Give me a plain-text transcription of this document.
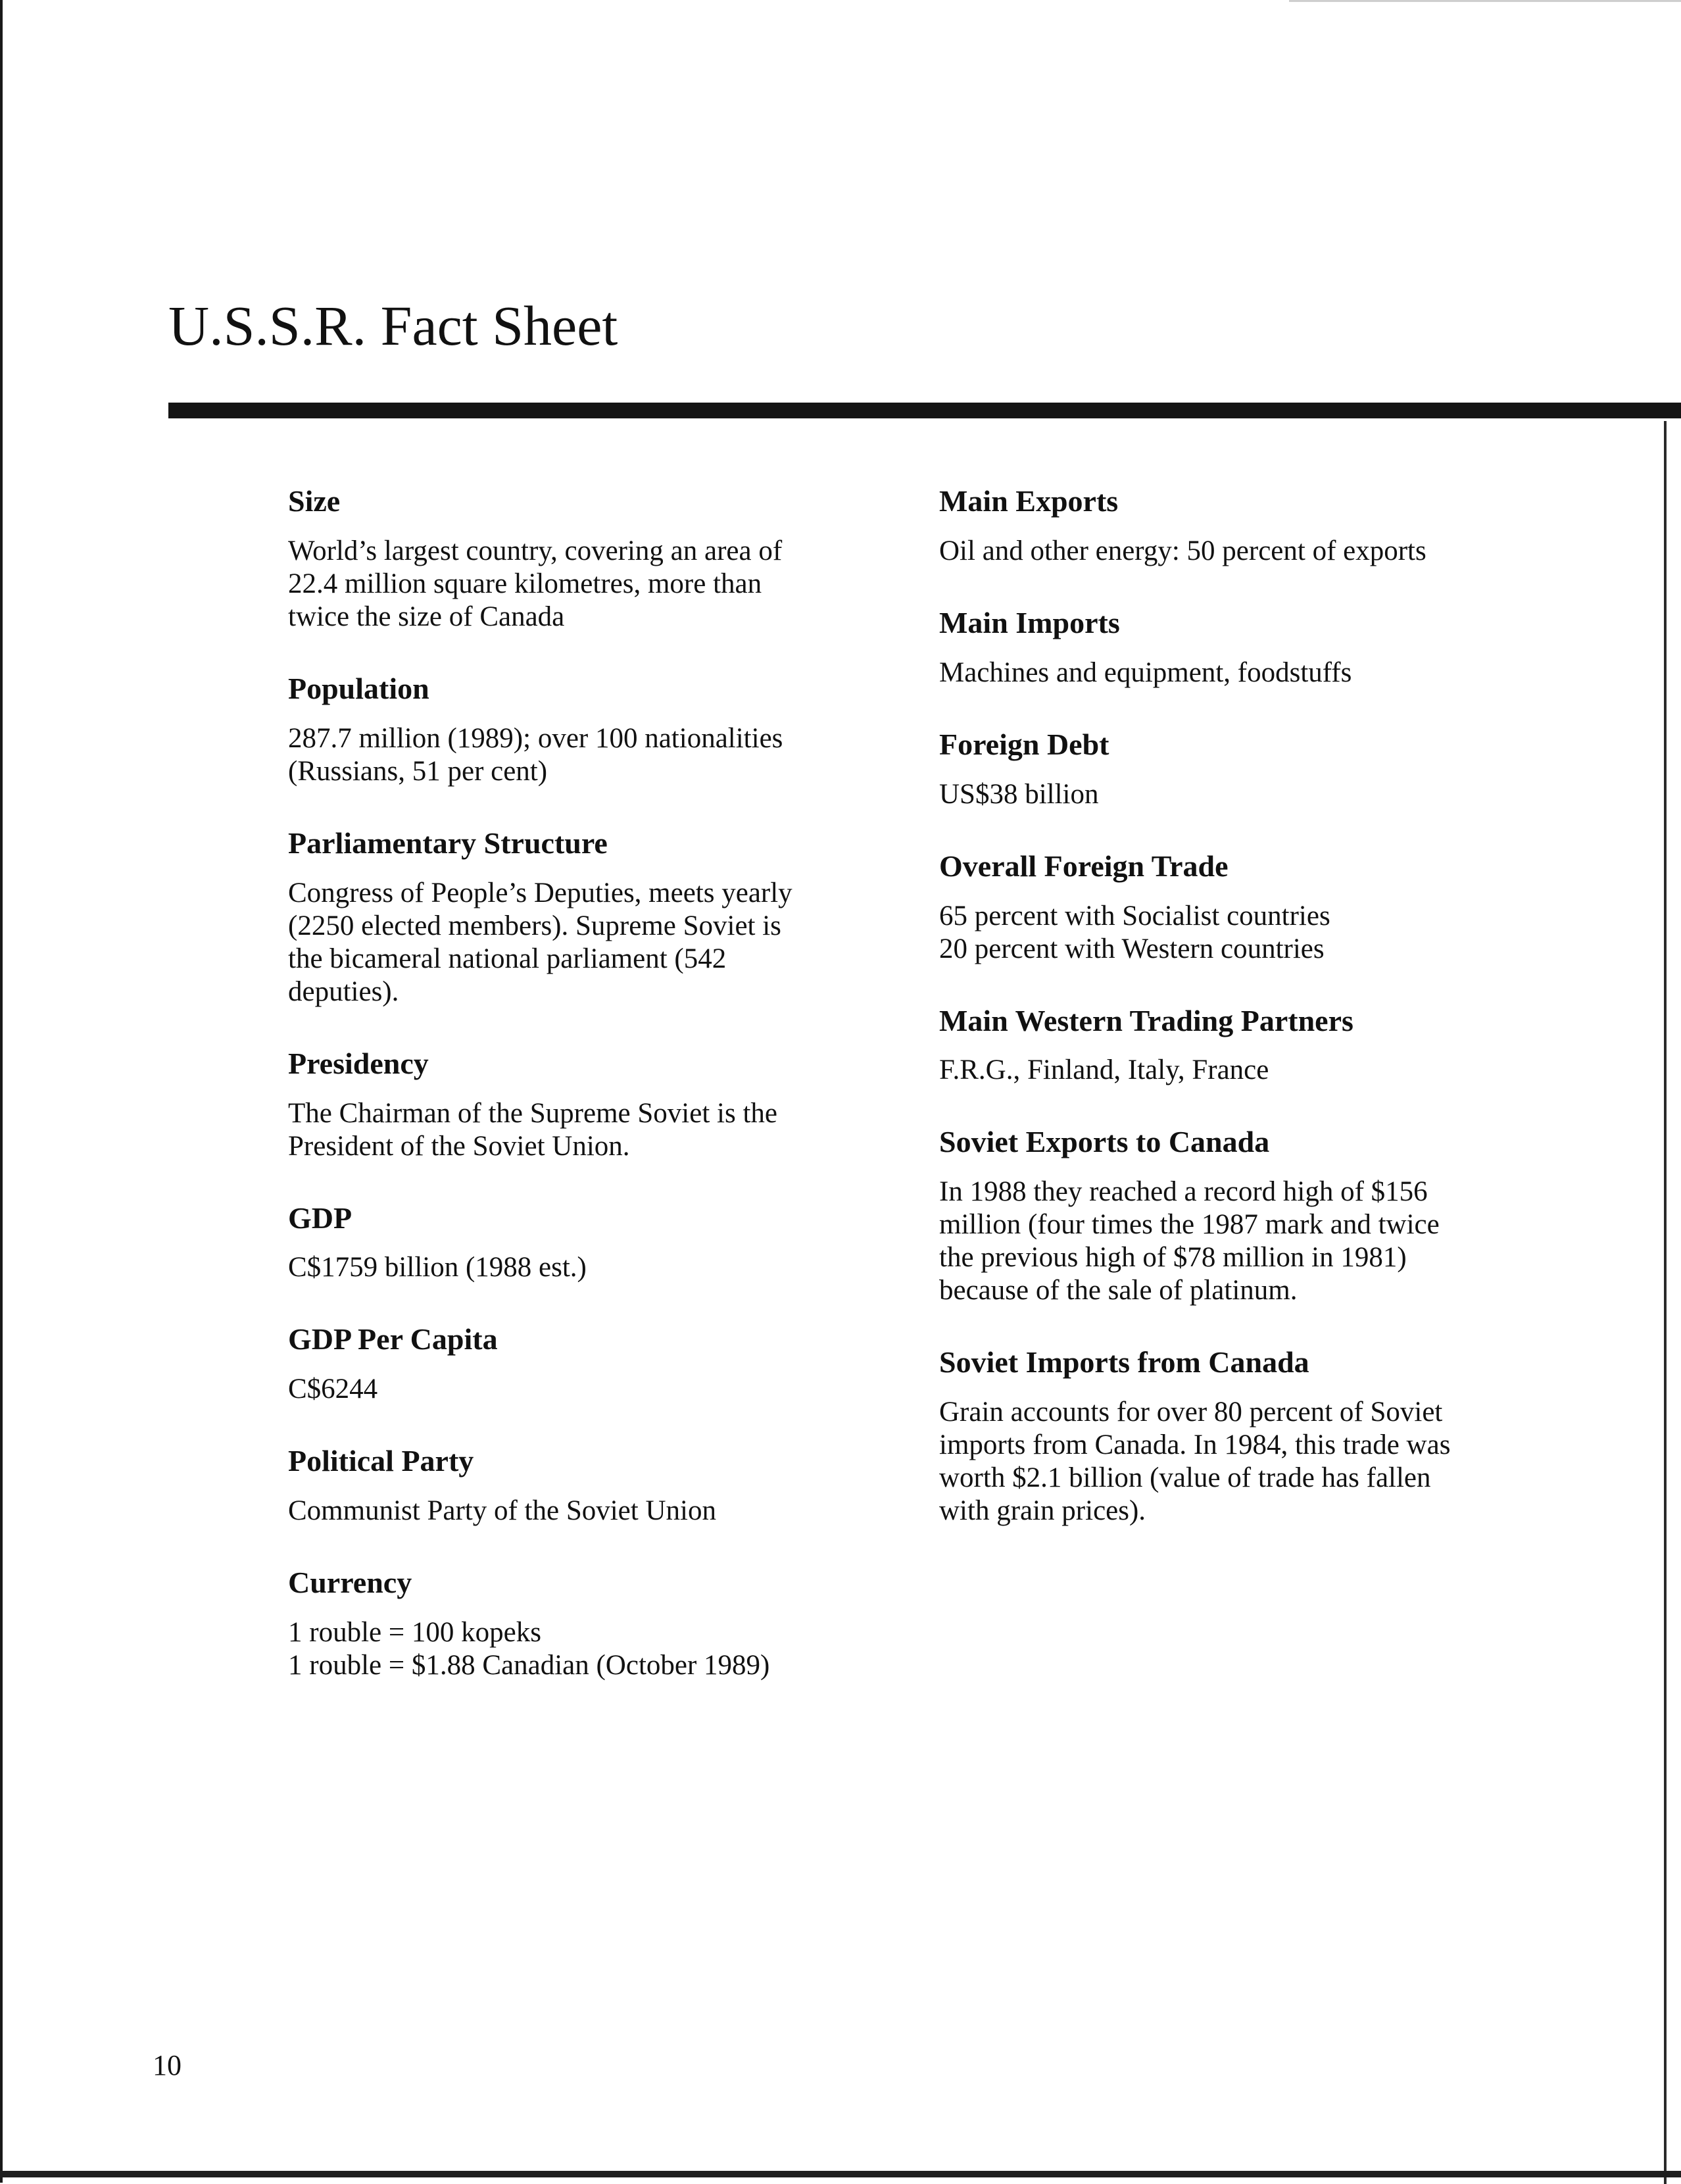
U.S.S.R. Fact Sheet
Size

World’s largest country, covering an area of

22.4 million square kilometres, more than

twice the size of Canada

Population

287.7 million (1989); over 100 nationalities

(Russians, 51 per cent)

Parliamentary Structure

Congress of People’s Deputies, meets yearly

(2250 elected members). Supreme Soviet is

the bicameral national parliament (542

deputies).

Presidency

The Chairman of the Supreme Soviet is the

President of the Soviet Union.

GDP

C$1759 billion (1988 est.)

GDP Per Capita

C$6244

Political Party

Communist Party of the Soviet Union

Currency

1 rouble = 100 kopeks

1 rouble = $1.88 Canadian (October 1989)

Main Exports

Oil and other energy: 50 percent of exports

Main Imports

Machines and equipment, foodstuffs

Foreign Debt

US$38 billion

Overall Foreign Trade

65 percent with Socialist countries

20 percent with Western countries

Main Western Trading Partners

F.R.G., Finland, Italy, France

Soviet Exports to Canada

In 1988 they reached a record high of $156

million (four times the 1987 mark and twice

the previous high of $78 million in 1981)

because of the sale of platinum.

Soviet Imports from Canada

Grain accounts for over 80 percent of Soviet

imports from Canada. In 1984, this trade was

worth $2.1 billion (value of trade has fallen

with grain prices).

10
